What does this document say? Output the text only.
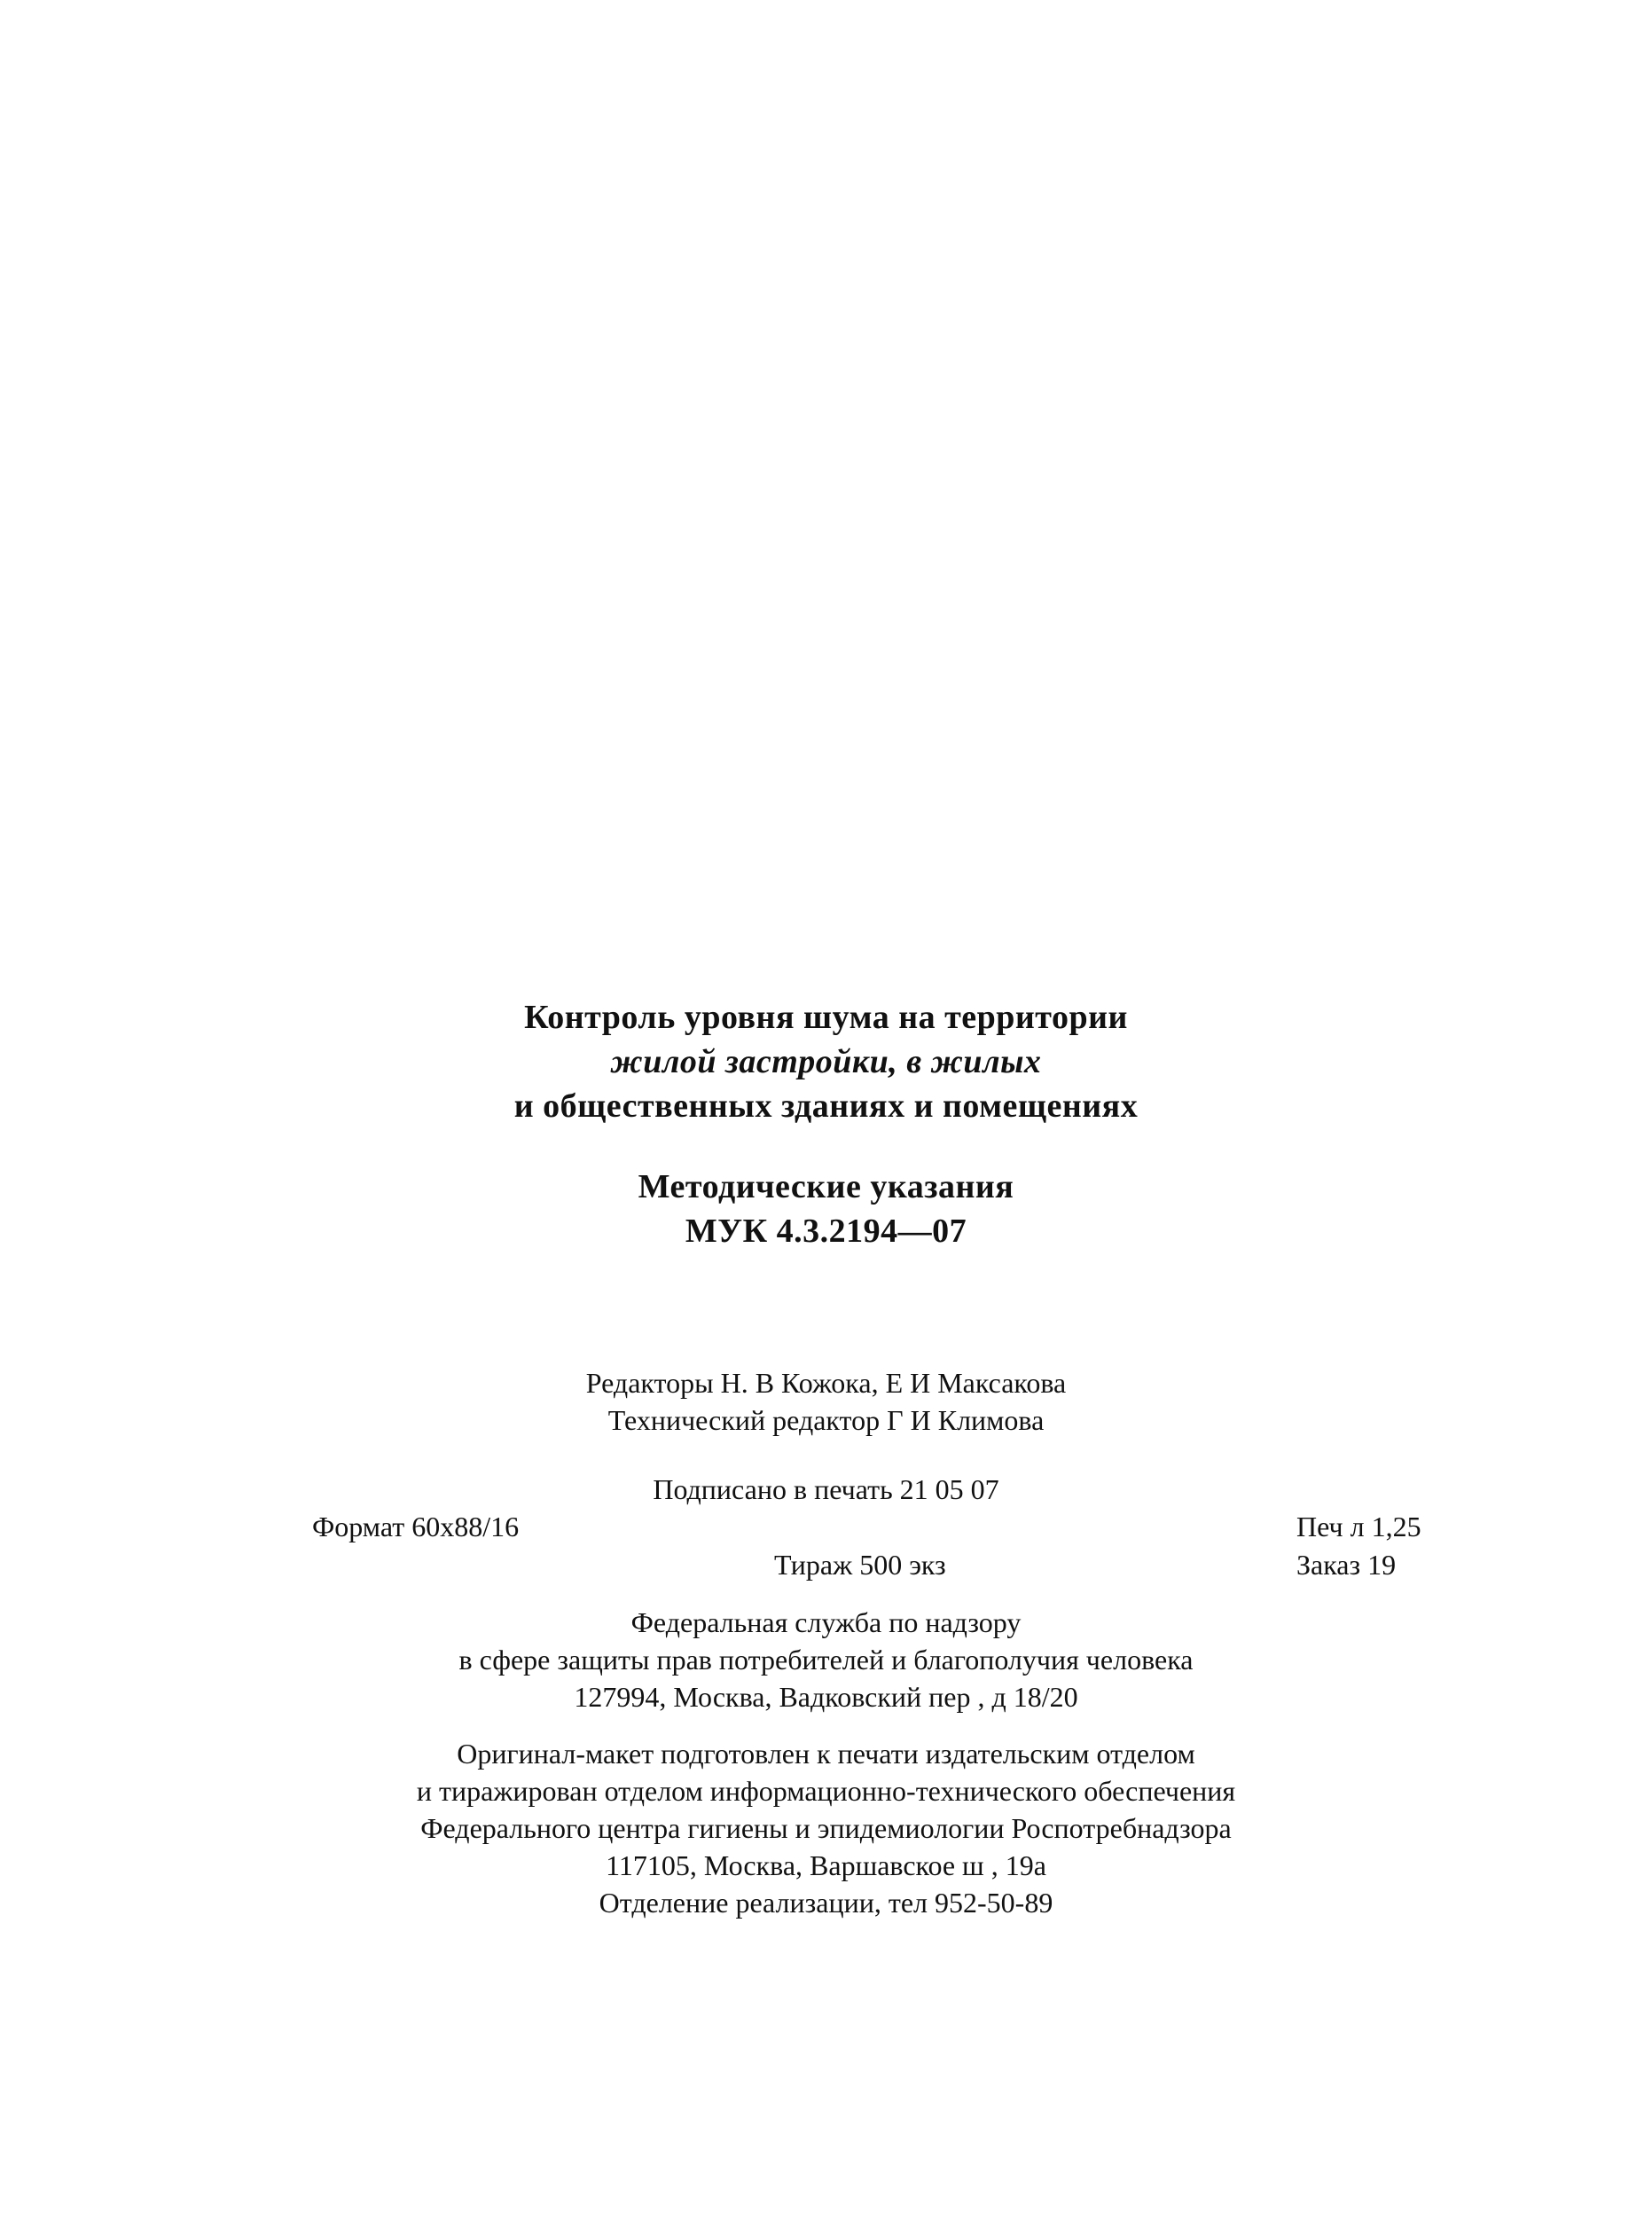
Контроль уровня шума на территории
жилой застройки, в жилых
и общественных зданиях и помещениях
Методические указания
МУК 4.3.2194—07
Редакторы Н. В Кожока, Е И Максакова
Технический редактор Г И Климова
Подписано в печать 21 05 07
Формат 60x88/16	Печ л 1,25
Тираж 500 экз	Заказ 19
Федеральная служба по надзору
в сфере защиты прав потребителей и благополучия человека
127994, Москва, Вадковский пер , д 18/20
Оригинал-макет подготовлен к печати издательским отделом
и тиражирован отделом информационно-технического обеспечения
Федерального центра гигиены и эпидемиологии Роспотребнадзора
117105, Москва, Варшавское ш , 19а
Отделение реализации, тел 952-50-89
